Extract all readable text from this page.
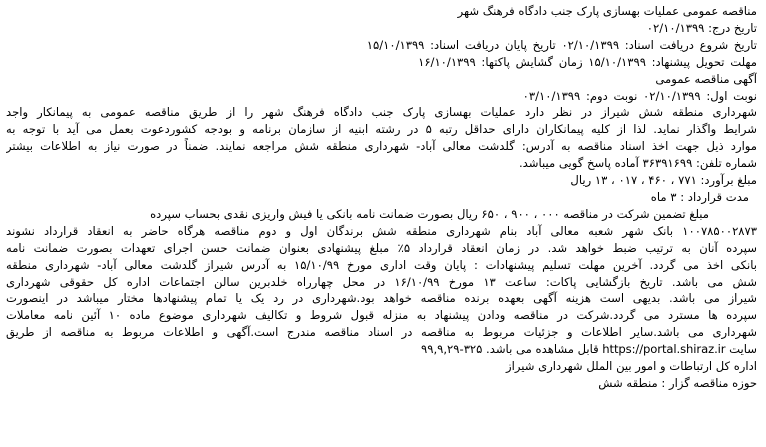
مناقصه عمومی عملیات بهسازی پارک جنب دادگاه فرهنگ شهر
تاریخ درج: ۰۲/۱۰/۱۳۹۹
تاریخ شروع دریافت اسناد: ۰۲/۱۰/۱۳۹۹ تاریخ پایان دریافت اسناد: ۱۵/۱۰/۱۳۹۹
مهلت تحویل پیشنهاد: ۱۵/۱۰/۱۳۹۹ زمان گشایش پاکتها: ۱۶/۱۰/۱۳۹۹
آگهی مناقصه عمومی
نوبت اول: ۰۲/۱۰/۱۳۹۹ نوبت دوم: ۰۳/۱۰/۱۳۹۹
شهرداری منطقه شش شیراز در نظر دارد عملیات بهسازی پارک جنب دادگاه فرهنگ شهر را از طریق مناقصه عمومی به پیمانکار واجد
شرایط واگذار نماید. لذا از کلیه پیمانکاران دارای حداقل رتبه ۵ در رشته ابنیه از سازمان برنامه و بودجه کشوردعوت بعمل می آید با توجه به
موارد ذیل جهت اخذ اسناد مناقصه به آدرس: گلدشت معالی آباد- شهرداری منطقه شش مراجعه نمایند. ضمناً در صورت نیاز به اطلاعات بیشتر
شماره تلفن: ۳۶۳۹۱۶۹۹ آماده پاسخ گویی میباشد.
مبلغ برآورد: ۷۷۱ ، ۴۶۰ ، ۰۱۷ ، ۱۳ ریال
مدت قرارداد : ۳ ماه
مبلغ تضمین شرکت در مناقصه ۰۰۰ ، ۹۰۰ ، ۶۵۰ ریال بصورت ضمانت نامه بانکی یا فیش واریزی نقدی بحساب سپرده
۱۰۰۷۸۵۰۰۲۸۷۳ بانک شهر شعبه معالی آباد بنام شهرداری منطقه شش برندگان اول و دوم مناقصه هرگاه حاضر به انعقاد قرارداد نشوند
سپرده آنان به ترتیب ضبط خواهد شد. در زمان انعقاد قرارداد ۵٪ مبلغ پیشنهادی بعنوان ضمانت حسن اجرای تعهدات بصورت ضمانت نامه
بانکی اخذ می گردد. آخرین مهلت تسلیم پیشنهادات : پایان وقت اداری مورخ ۱۵/۱۰/۹۹ به آدرس شیراز گلدشت معالی آباد- شهرداری منطقه
شش می باشد. تاریخ بازگشایی پاکات: ساعت ۱۳ مورخ ۱۶/۱۰/۹۹ در محل چهارراه خلدبرین سالن اجتماعات اداره کل حقوقی شهرداری
شیراز می باشد. بدیهی است هزینه آگهی بعهده برنده مناقصه خواهد بود.شهرداری در رد یک یا تمام پیشنهادها مختار میباشد در اینصورت
سپرده ها مسترد می گردد.شرکت در مناقصه ودادن پیشنهاد به منزله قبول شروط و تکالیف شهرداری موضوع ماده ۱۰ آئین نامه معاملات
شهرداری می باشد.سایر اطلاعات و جزئیات مربوط به مناقصه در اسناد مناقصه مندرج است.آگهی و اطلاعات مربوط به مناقصه از طریق
سایت https://portal.shiraz.ir قابل مشاهده می باشد. ۳۲۵-۹۹,۹,۲۹
اداره کل ارتباطات و امور بین الملل شهرداری شیراز
حوزه مناقصه گزار : منطقه شش
